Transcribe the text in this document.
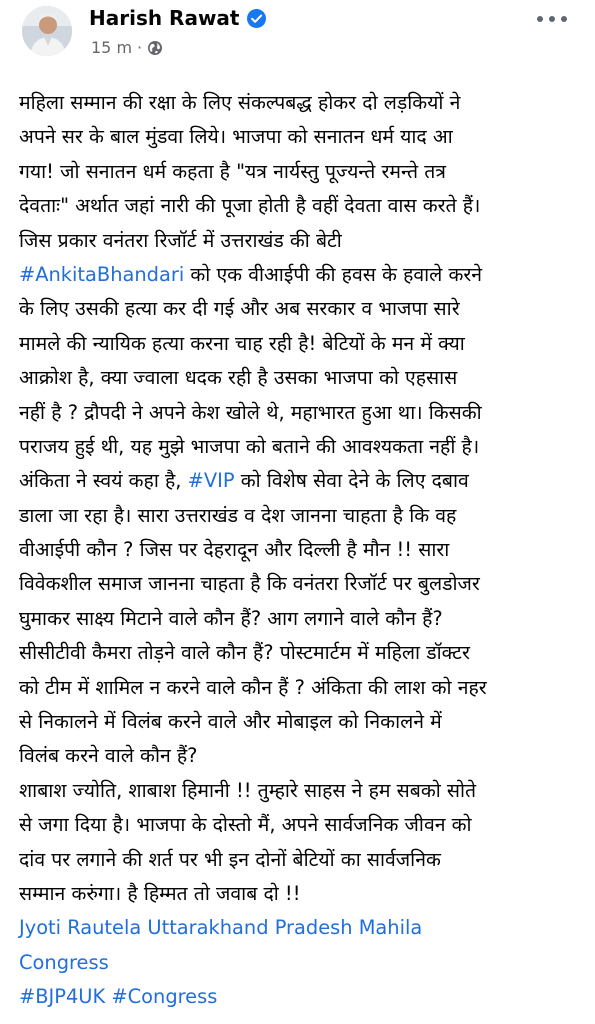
Harish Rawat
15 m ·
महिला सम्मान की रक्षा के लिए संकल्पबद्ध होकर दो लड़कियों ने
अपने सर के बाल मुंडवा लिये। भाजपा को सनातन धर्म याद आ
गया! जो सनातन धर्म कहता है "यत्र नार्यस्तु पूज्यन्ते रमन्ते तत्र
देवताः" अर्थात जहां नारी की पूजा होती है वहीं देवता वास करते हैं।
जिस प्रकार वनंतरा रिजॉर्ट में उत्तराखंड की बेटी
#AnkitaBhandari को एक वीआईपी की हवस के हवाले करने
के लिए उसकी हत्या कर दी गई और अब सरकार व भाजपा सारे
मामले की न्यायिक हत्या करना चाह रही है! बेटियों के मन में क्या
आक्रोश है, क्या ज्वाला धदक रही है उसका भाजपा को एहसास
नहीं है ? द्रौपदी ने अपने केश खोले थे, महाभारत हुआ था। किसकी
पराजय हुई थी, यह मुझे भाजपा को बताने की आवश्यकता नहीं है।
अंकिता ने स्वयं कहा है, #VIP को विशेष सेवा देने के लिए दबाव
डाला जा रहा है। सारा उत्तराखंड व देश जानना चाहता है कि वह
वीआईपी कौन ? जिस पर देहरादून और दिल्ली है मौन !! सारा
विवेकशील समाज जानना चाहता है कि वनंतरा रिजॉर्ट पर बुलडोजर
घुमाकर साक्ष्य मिटाने वाले कौन हैं? आग लगाने वाले कौन हैं?
सीसीटीवी कैमरा तोड़ने वाले कौन हैं? पोस्टमार्टम में महिला डॉक्टर
को टीम में शामिल न करने वाले कौन हैं ? अंकिता की लाश को नहर
से निकालने में विलंब करने वाले और मोबाइल को निकालने में
विलंब करने वाले कौन हैं?
शाबाश ज्योति, शाबाश हिमानी !! तुम्हारे साहस ने हम सबको सोते
से जगा दिया है। भाजपा के दोस्तो मैं, अपने सार्वजनिक जीवन को
दांव पर लगाने की शर्त पर भी इन दोनों बेटियों का सार्वजनिक
सम्मान करुंगा। है हिम्मत तो जवाब दो !!
Jyoti Rautela Uttarakhand Pradesh Mahila
Congress
#BJP4UK #Congress
